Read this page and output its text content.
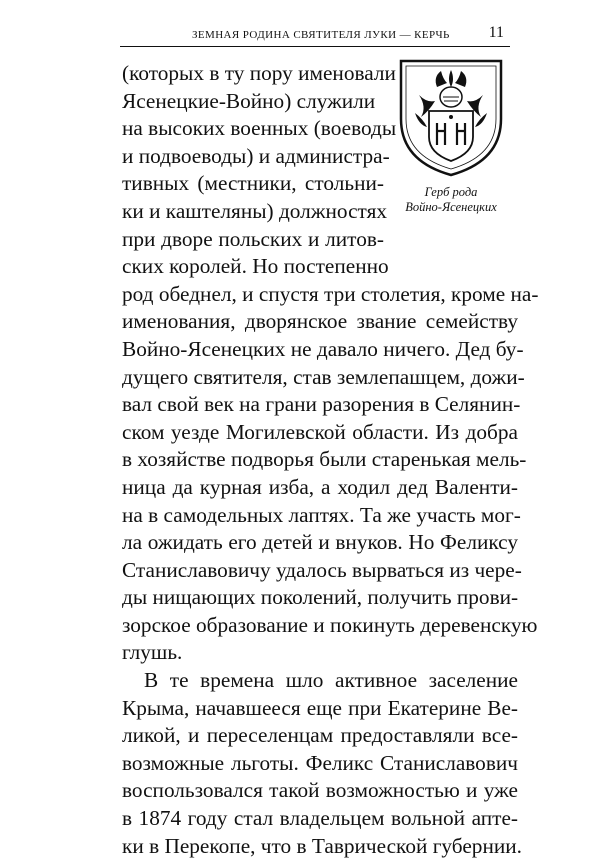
ЗЕМНАЯ РОДИНА СВЯТИТЕЛЯ ЛУКИ — КЕРЧЬ 11
Герб рода
Войно-Ясенецких
(которых в ту пору именовали
Ясенецкие-Войно) служили
на высоких военных (воеводы
и подвоеводы) и администра-
тивных (местники, стольни-
ки и каштеляны) должностях
при дворе польских и литов-
ских королей. Но постепенно
род обеднел, и спустя три столетия, кроме на-
именования, дворянское звание семейству
Войно-Ясенецких не давало ничего. Дед бу-
дущего святителя, став землепашцем, дожи-
вал свой век на грани разорения в Селянин-
ском уезде Могилевской области. Из добра
в хозяйстве подворья были старенькая мель-
ница да курная изба, а ходил дед Валенти-
на в самодельных лаптях. Та же участь мог-
ла ожидать его детей и внуков. Но Феликсу
Станиславовичу удалось вырваться из чере-
ды нищающих поколений, получить прови-
зорское образование и покинуть деревенскую
глушь.
В те времена шло активное заселение
Крыма, начавшееся еще при Екатерине Ве-
ликой, и переселенцам предоставляли все-
возможные льготы. Феликс Станиславович
воспользовался такой возможностью и уже
в 1874 году стал владельцем вольной апте-
ки в Перекопе, что в Таврической губернии.
